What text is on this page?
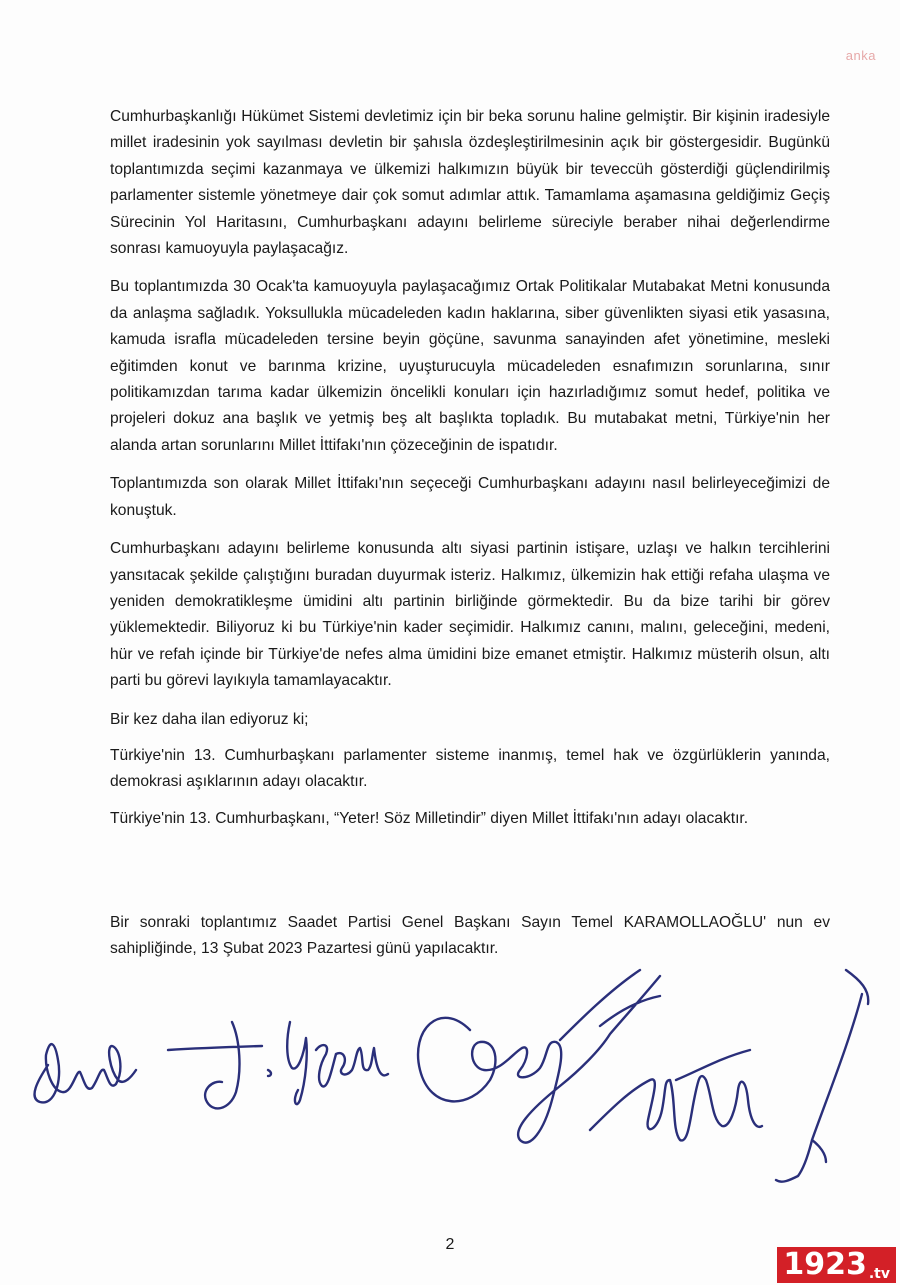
anka

Cumhurbaşkanlığı Hükümet Sistemi devletimiz için bir beka sorunu haline gelmiştir. Bir kişinin iradesiyle millet iradesinin yok sayılması devletin bir şahısla özdeşleştirilmesinin açık bir göstergesidir. Bugünkü toplantımızda seçimi kazanmaya ve ülkemizi halkımızın büyük bir teveccüh gösterdiği güçlendirilmiş parlamenter sistemle yönetmeye dair çok somut adımlar attık. Tamamlama aşamasına geldiğimiz Geçiş Sürecinin Yol Haritasını, Cumhurbaşkanı adayını belirleme süreciyle beraber nihai değerlendirme sonrası kamuoyuyla paylaşacağız.

Bu toplantımızda 30 Ocak'ta kamuoyuyla paylaşacağımız Ortak Politikalar Mutabakat Metni konusunda da anlaşma sağladık. Yoksullukla mücadeleden kadın haklarına, siber güvenlikten siyasi etik yasasına, kamuda israfla mücadeleden tersine beyin göçüne, savunma sanayinden afet yönetimine, mesleki eğitimden konut ve barınma krizine, uyuşturucuyla mücadeleden esnafımızın sorunlarına, sınır politikamızdan tarıma kadar ülkemizin öncelikli konuları için hazırladığımız somut hedef, politika ve projeleri dokuz ana başlık ve yetmiş beş alt başlıkta topladık. Bu mutabakat metni, Türkiye'nin her alanda artan sorunlarını Millet İttifakı'nın çözeceğinin de ispatıdır.

Toplantımızda son olarak Millet İttifakı'nın seçeceği Cumhurbaşkanı adayını nasıl belirleyeceğimizi de konuştuk.

Cumhurbaşkanı adayını belirleme konusunda altı siyasi partinin istişare, uzlaşı ve halkın tercihlerini yansıtacak şekilde çalıştığını buradan duyurmak isteriz. Halkımız, ülkemizin hak ettiği refaha ulaşma ve yeniden demokratikleşme ümidini altı partinin birliğinde görmektedir. Bu da bize tarihi bir görev yüklemektedir. Biliyoruz ki bu Türkiye'nin kader seçimidir. Halkımız canını, malını, geleceğini, medeni, hür ve refah içinde bir Türkiye'de nefes alma ümidini bize emanet etmiştir. Halkımız müsterih olsun, altı parti bu görevi layıkıyla tamamlayacaktır.

Bir kez daha ilan ediyoruz ki;

Türkiye'nin 13. Cumhurbaşkanı parlamenter sisteme inanmış, temel hak ve özgürlüklerin yanında, demokrasi aşıklarının adayı olacaktır.

Türkiye'nin 13. Cumhurbaşkanı, “Yeter! Söz Milletindir” diyen Millet İttifakı'nın adayı olacaktır.

Bir sonraki toplantımız Saadet Partisi Genel Başkanı Sayın Temel KARAMOLLAOĞLU' nun ev sahipliğinde, 13 Şubat 2023 Pazartesi günü yapılacaktır.
2
1923 .tv
